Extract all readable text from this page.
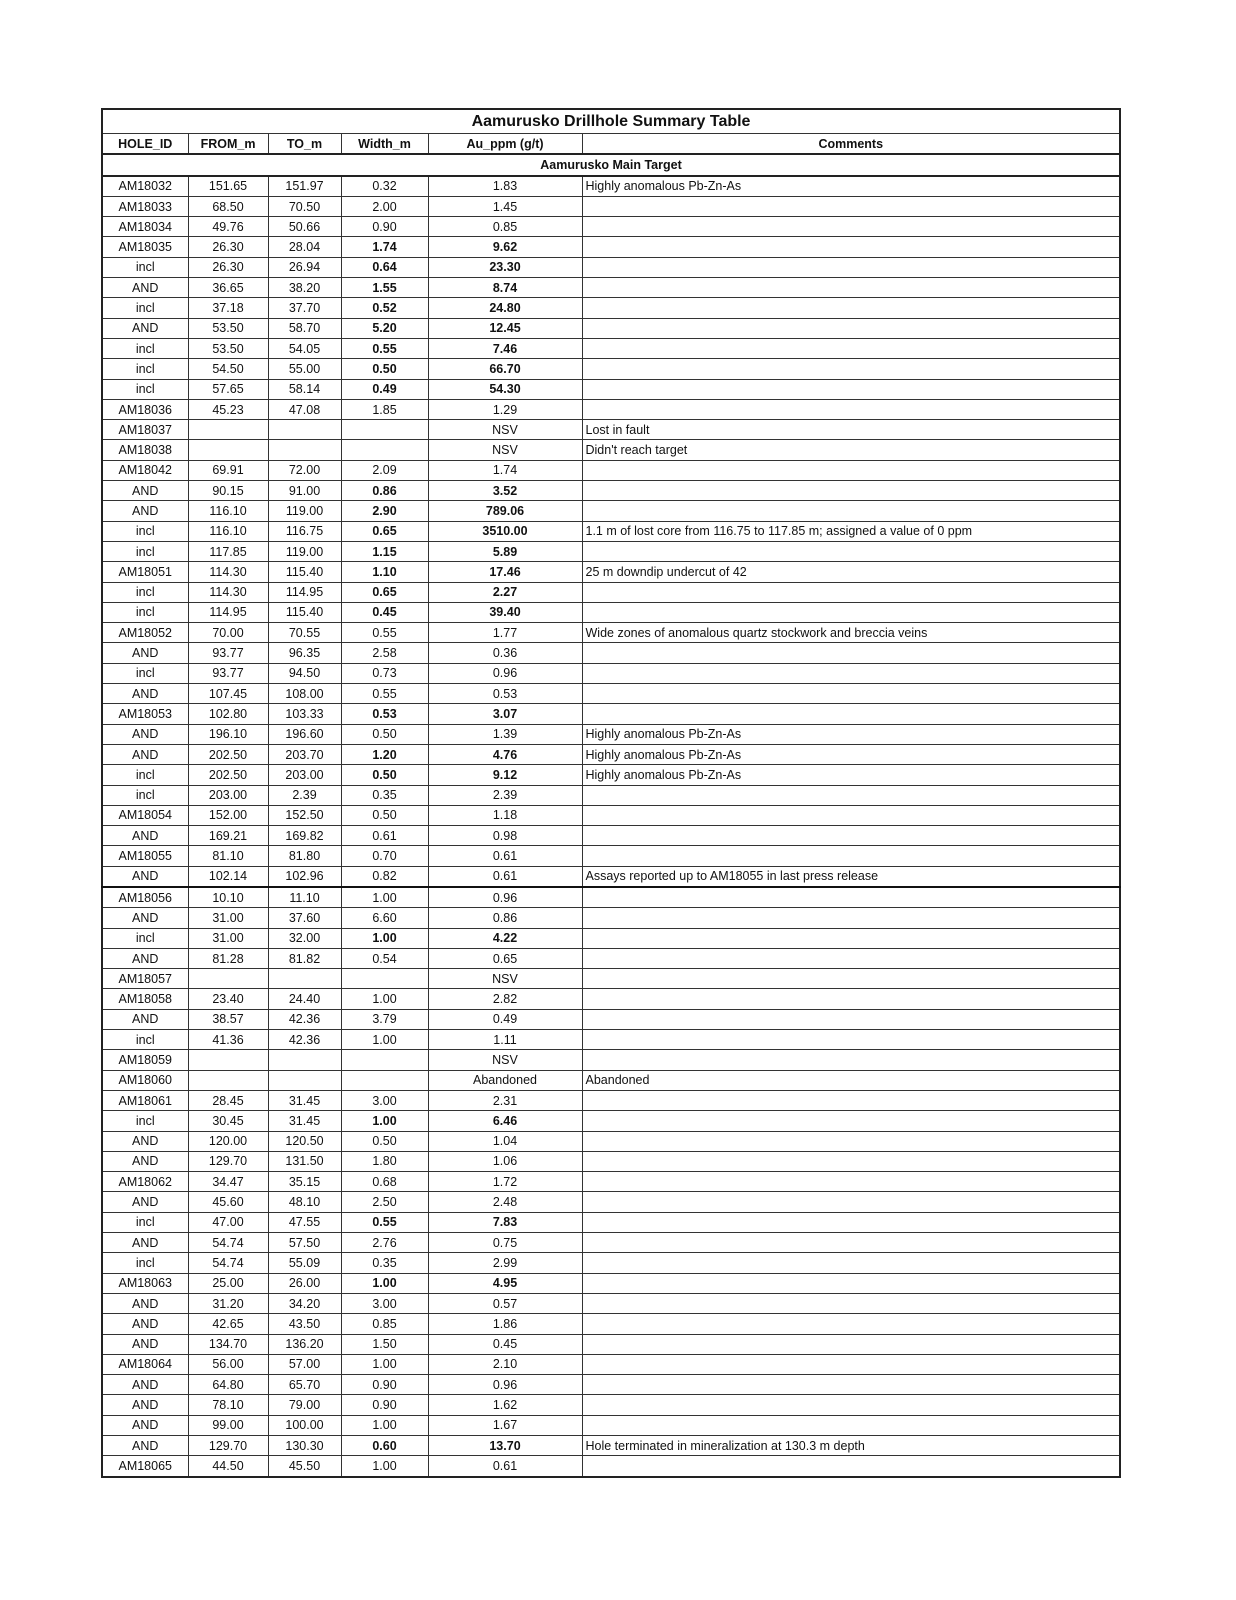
Aamurusko Drillhole Summary Table					
HOLE_ID	FROM_m	TO_m	Width_m	Au_ppm (g/t)	Comments
Aamurusko Main Target					
AM18032	151.65	151.97	0.32	1.83	Highly anomalous Pb-Zn-As
AM18033	68.50	70.50	2.00	1.45	
AM18034	49.76	50.66	0.90	0.85	
AM18035	26.30	28.04	1.74	9.62	
incl	26.30	26.94	0.64	23.30	
AND	36.65	38.20	1.55	8.74	
incl	37.18	37.70	0.52	24.80	
AND	53.50	58.70	5.20	12.45	
incl	53.50	54.05	0.55	7.46	
incl	54.50	55.00	0.50	66.70	
incl	57.65	58.14	0.49	54.30	
AM18036	45.23	47.08	1.85	1.29	
AM18037				NSV	Lost in fault
AM18038				NSV	Didn't reach target
AM18042	69.91	72.00	2.09	1.74	
AND	90.15	91.00	0.86	3.52	
AND	116.10	119.00	2.90	789.06	
incl	116.10	116.75	0.65	3510.00	1.1 m of lost core from 116.75 to 117.85 m; assigned a value of 0 ppm
incl	117.85	119.00	1.15	5.89	
AM18051	114.30	115.40	1.10	17.46	25 m downdip undercut of 42
incl	114.30	114.95	0.65	2.27	
incl	114.95	115.40	0.45	39.40	
AM18052	70.00	70.55	0.55	1.77	Wide zones of anomalous quartz stockwork and breccia veins
AND	93.77	96.35	2.58	0.36	
incl	93.77	94.50	0.73	0.96	
AND	107.45	108.00	0.55	0.53	
AM18053	102.80	103.33	0.53	3.07	
AND	196.10	196.60	0.50	1.39	Highly anomalous Pb-Zn-As
AND	202.50	203.70	1.20	4.76	Highly anomalous Pb-Zn-As
incl	202.50	203.00	0.50	9.12	Highly anomalous Pb-Zn-As
incl	203.00	2.39	0.35	2.39	
AM18054	152.00	152.50	0.50	1.18	
AND	169.21	169.82	0.61	0.98	
AM18055	81.10	81.80	0.70	0.61	
AND	102.14	102.96	0.82	0.61	Assays reported up to AM18055 in last press release
AM18056	10.10	11.10	1.00	0.96	
AND	31.00	37.60	6.60	0.86	
incl	31.00	32.00	1.00	4.22	
AND	81.28	81.82	0.54	0.65	
AM18057				NSV	
AM18058	23.40	24.40	1.00	2.82	
AND	38.57	42.36	3.79	0.49	
incl	41.36	42.36	1.00	1.11	
AM18059				NSV	
AM18060				Abandoned	Abandoned
AM18061	28.45	31.45	3.00	2.31	
incl	30.45	31.45	1.00	6.46	
AND	120.00	120.50	0.50	1.04	
AND	129.70	131.50	1.80	1.06	
AM18062	34.47	35.15	0.68	1.72	
AND	45.60	48.10	2.50	2.48	
incl	47.00	47.55	0.55	7.83	
AND	54.74	57.50	2.76	0.75	
incl	54.74	55.09	0.35	2.99	
AM18063	25.00	26.00	1.00	4.95	
AND	31.20	34.20	3.00	0.57	
AND	42.65	43.50	0.85	1.86	
AND	134.70	136.20	1.50	0.45	
AM18064	56.00	57.00	1.00	2.10	
AND	64.80	65.70	0.90	0.96	
AND	78.10	79.00	0.90	1.62	
AND	99.00	100.00	1.00	1.67	
AND	129.70	130.30	0.60	13.70	Hole terminated in mineralization at 130.3 m depth
AM18065	44.50	45.50	1.00	0.61	
